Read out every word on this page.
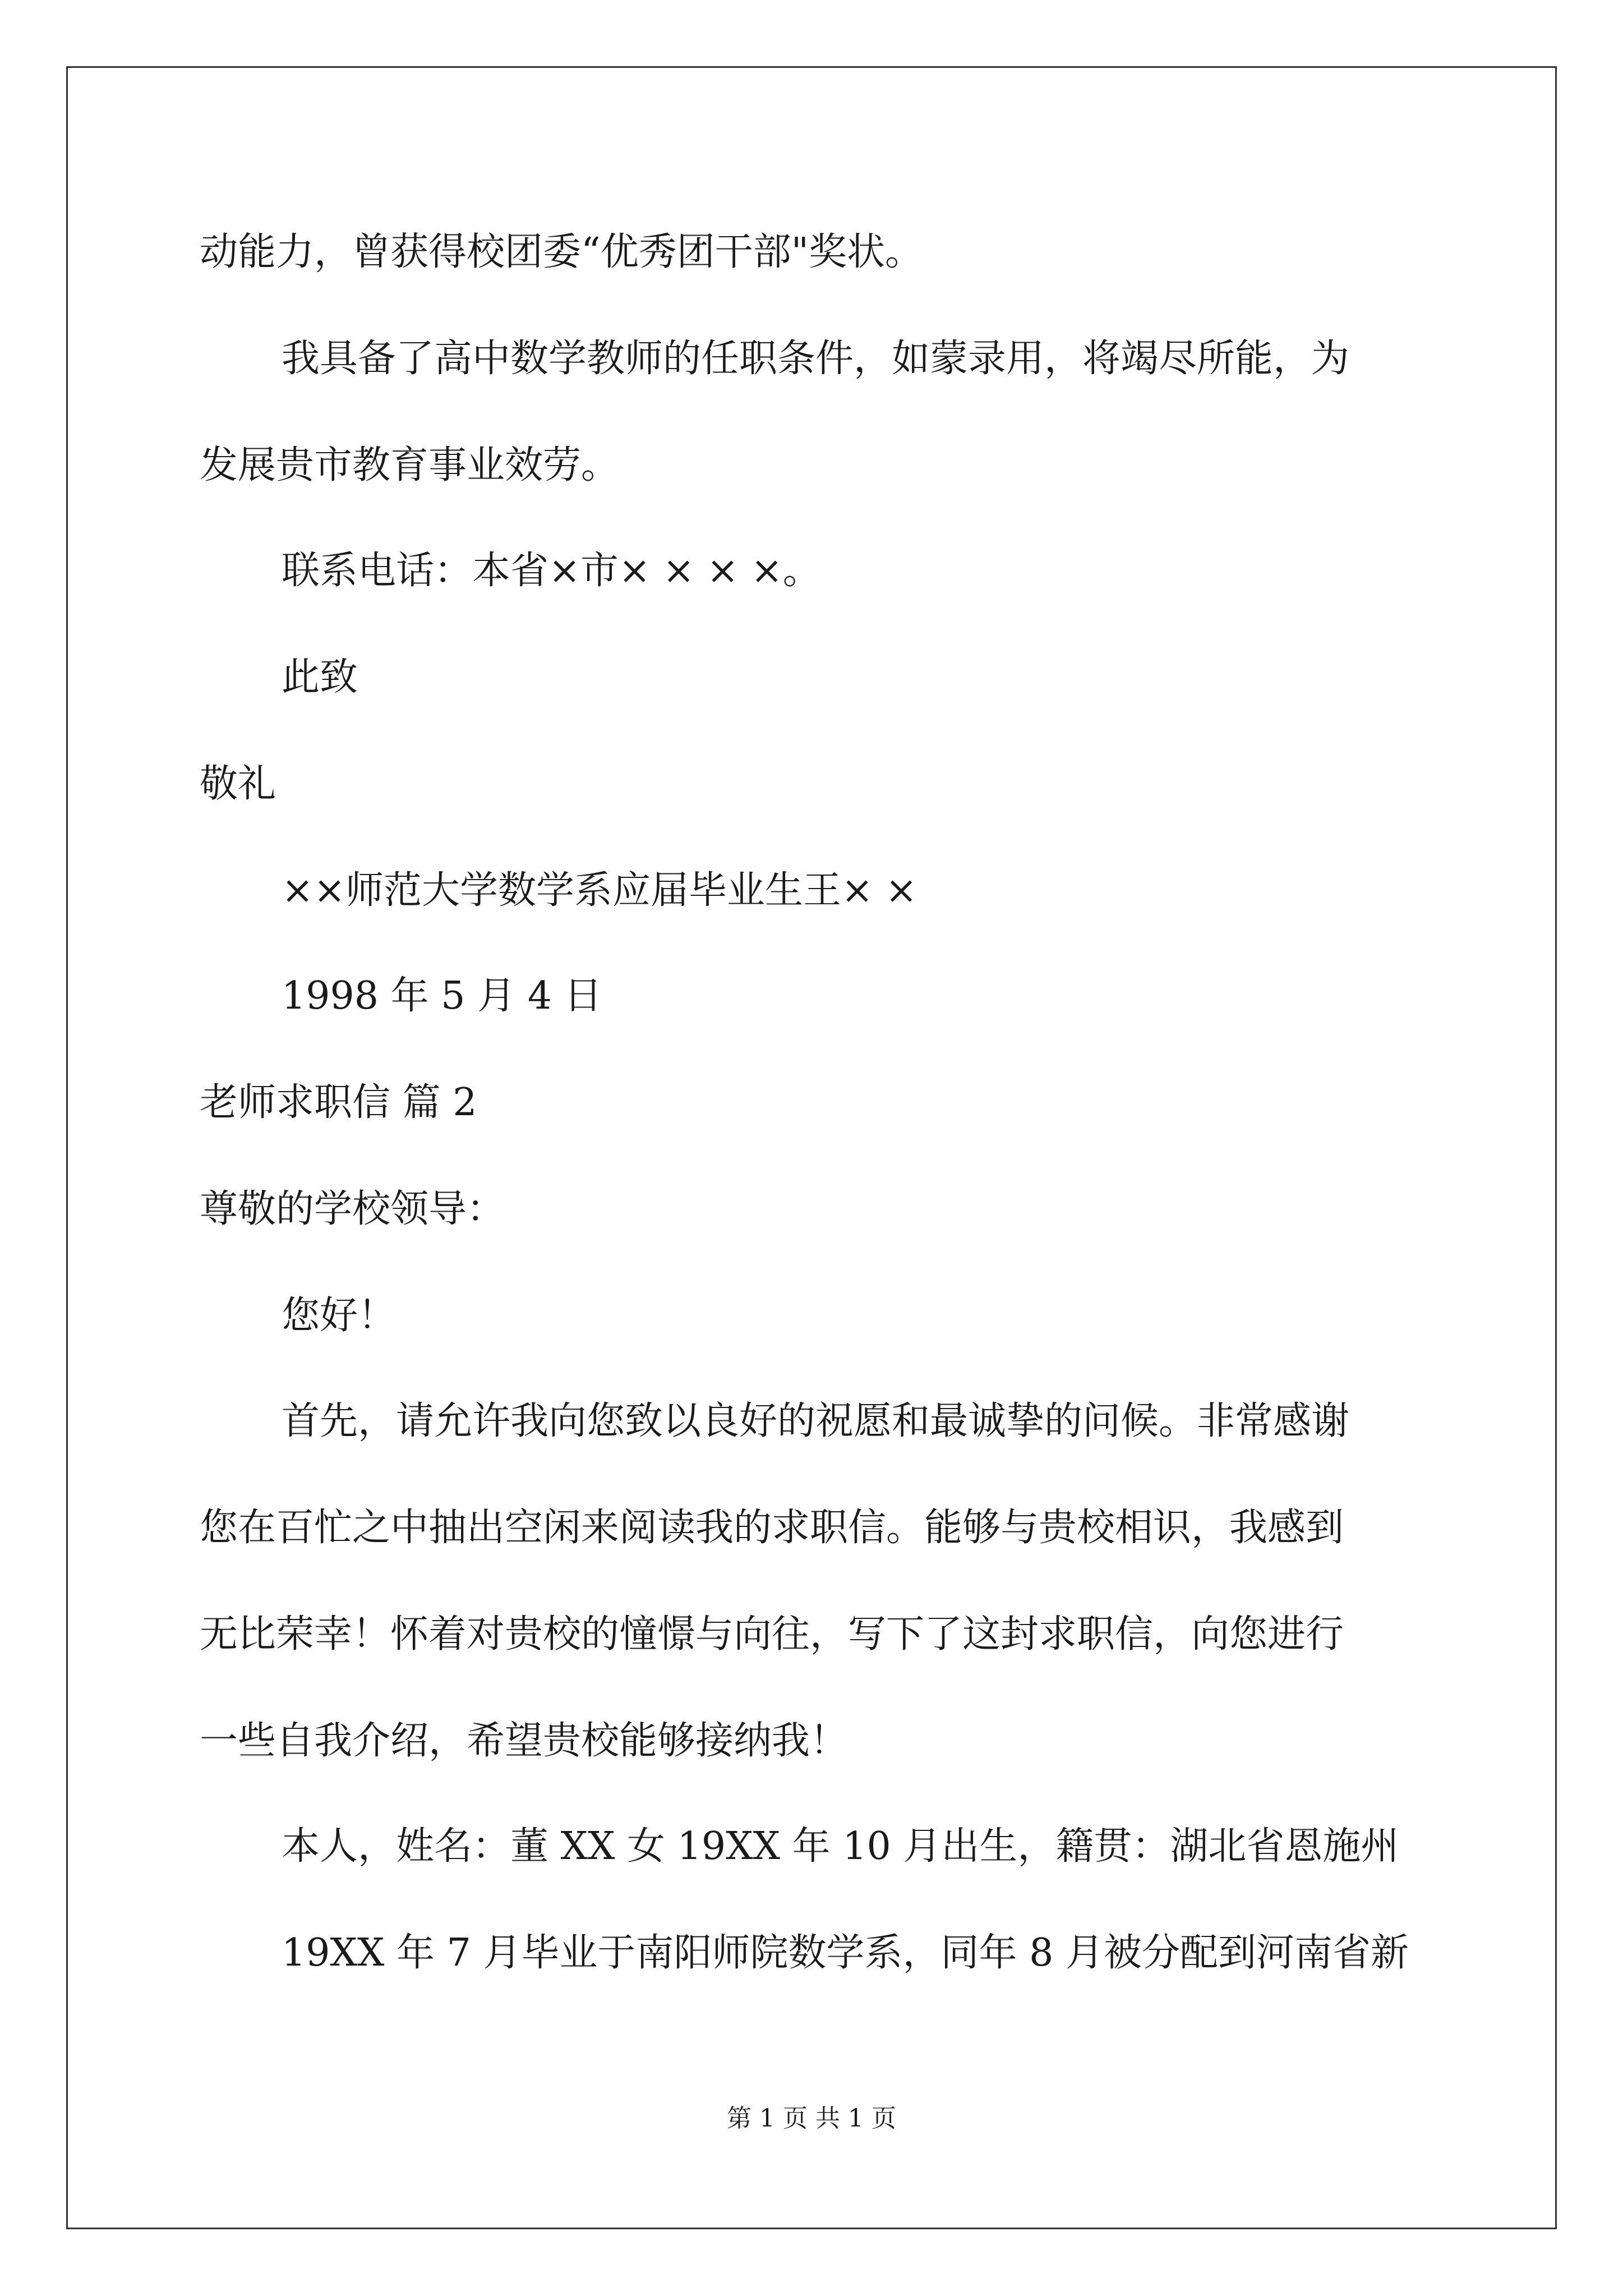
动能力，曾获得校团委“优秀团干部"奖状。
我具备了高中数学教师的任职条件，如蒙录用，将竭尽所能，为
发展贵市教育事业效劳。
联系电话：本省×市× × × ×。
此致
敬礼
××师范大学数学系应届毕业生王× ×
1998 年 5 月 4 日
老师求职信 篇 2
尊敬的学校领导：
您好！
首先，请允许我向您致以良好的祝愿和最诚挚的问候。非常感谢
您在百忙之中抽出空闲来阅读我的求职信。能够与贵校相识，我感到
无比荣幸！怀着对贵校的憧憬与向往，写下了这封求职信，向您进行
一些自我介绍，希望贵校能够接纳我！
本人，姓名：董 XX 女 19XX 年 10 月出生，籍贯：湖北省恩施州
19XX 年 7 月毕业于南阳师院数学系，同年 8 月被分配到河南省新
第 1 页 共 1 页
